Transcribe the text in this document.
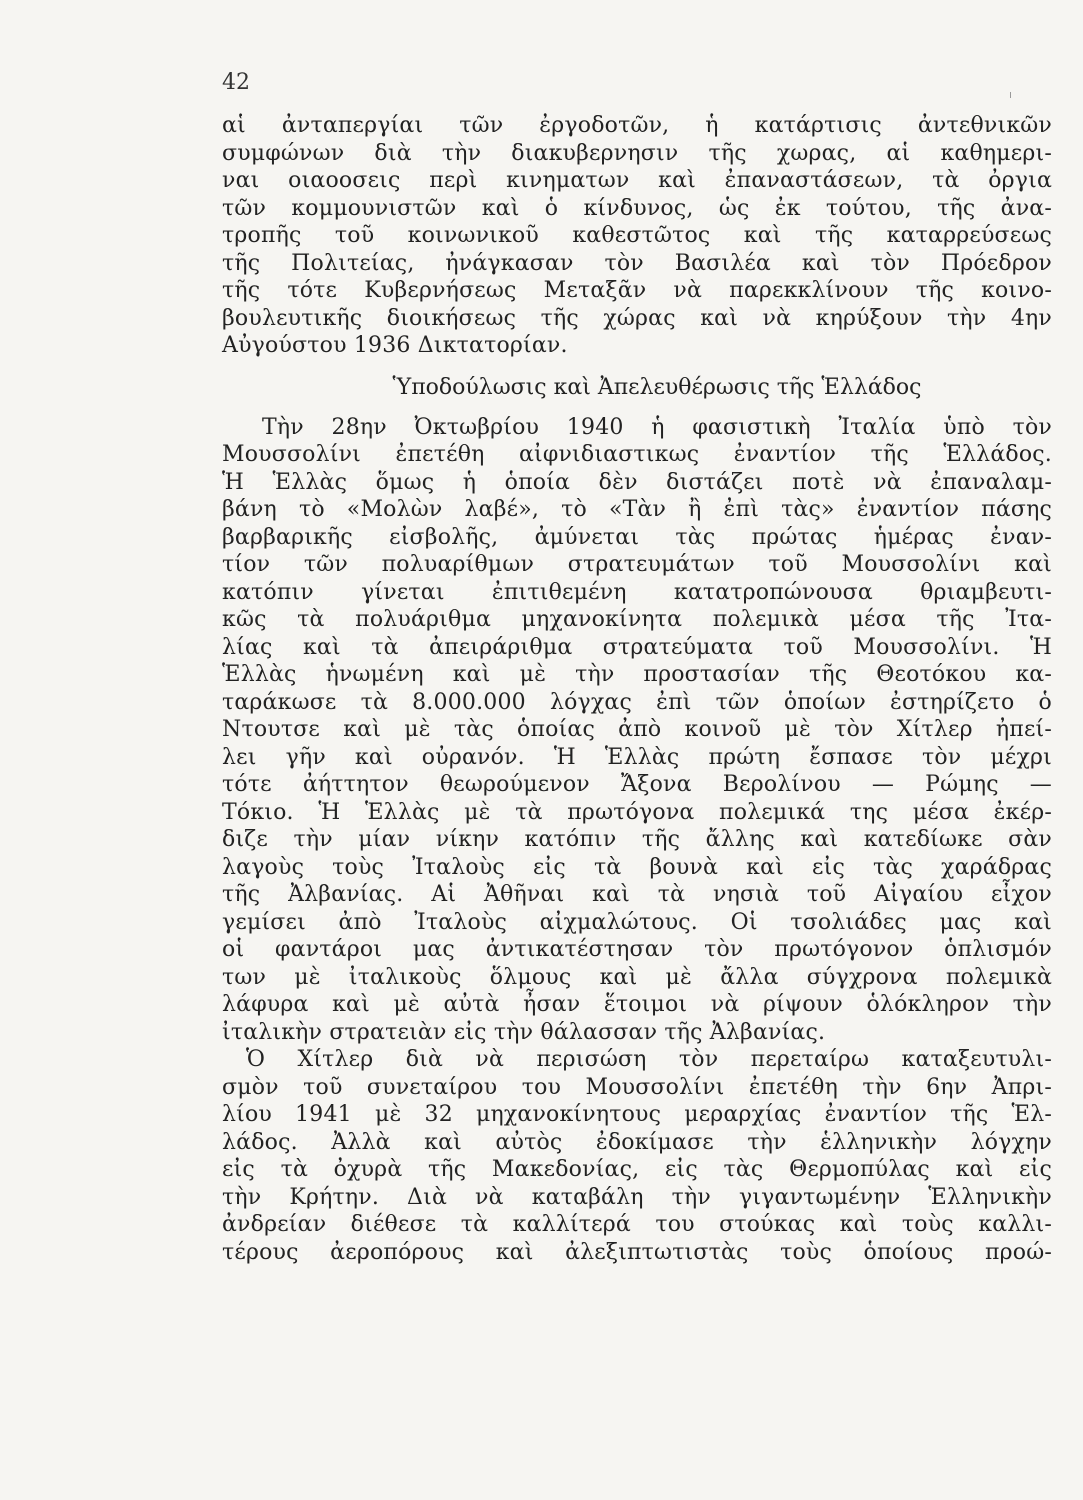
42
αἱ ἀνταπεργίαι τῶν ἐργοδοτῶν, ἡ κατάρτισις ἀντεθνικῶν
συμφώνων διὰ τὴν διακυβερνησιν τῆς χωρας, αἱ καθημερι-
ναι οιαοοσεις περὶ κινηματων καὶ ἐπαναστάσεων, τὰ ὀργια
τῶν κομμουνιστῶν καὶ ὁ κίνδυνος, ὡς ἐκ τούτου, τῆς ἀνα-
τροπῆς τοῦ κοινωνικοῦ καθεστῶτος καὶ τῆς καταρρεύσεως
τῆς Πολιτείας, ἠνάγκασαν τὸν Βασιλέα καὶ τὸν Πρόεδρον
τῆς τότε Κυβερνήσεως Μεταξᾶν νὰ παρεκκλίνουν τῆς κοινο-
βουλευτικῆς διοικήσεως τῆς χώρας καὶ νὰ κηρύξουν τὴν 4ην
Αὐγούστου 1936 Δικτατορίαν.
Ὑποδούλωσις καὶ Ἀπελευθέρωσις τῆς Ἑλλάδος
Τὴν 28ην Ὀκτωβρίου 1940 ἡ φασιστικὴ Ἰταλία ὑπὸ τὸν
Μουσσολίνι ἐπετέθη αἰφνιδιαστικως ἐναντίον τῆς Ἑλλάδος.
Ἡ Ἑλλὰς ὅμως ἡ ὁποία δὲν διστάζει ποτὲ νὰ ἐπαναλαμ-
βάνη τὸ «Μολὼν λαβέ», τὸ «Τὰν ἢ ἐπὶ τὰς» ἐναντίον πάσης
βαρβαρικῆς εἰσβολῆς, ἀμύνεται τὰς πρώτας ἡμέρας ἐναν-
τίον τῶν πολυαρίθμων στρατευμάτων τοῦ Μουσσολίνι καὶ
κατόπιν γίνεται ἐπιτιθεμένη κατατροπώνουσα θριαμβευτι-
κῶς τὰ πολυάριθμα μηχανοκίνητα πολεμικὰ μέσα τῆς Ἰτα-
λίας καὶ τὰ ἀπειράριθμα στρατεύματα τοῦ Μουσσολίνι. Ἡ
Ἑλλὰς ἡνωμένη καὶ μὲ τὴν προστασίαν τῆς Θεοτόκου κα-
ταράκωσε τὰ 8.000.000 λόγχας ἐπὶ τῶν ὁποίων ἐστηρίζετο ὁ
Ντουτσε καὶ μὲ τὰς ὁποίας ἀπὸ κοινοῦ μὲ τὸν Χίτλερ ἠπεί-
λει γῆν καὶ οὐρανόν. Ἡ Ἑλλὰς πρώτη ἔσπασε τὸν μέχρι
τότε ἀήττητον θεωρούμενον Ἄξονα Βερολίνου — Ρώμης —
Τόκιο. Ἡ Ἑλλὰς μὲ τὰ πρωτόγονα πολεμικά της μέσα ἐκέρ-
διζε τὴν μίαν νίκην κατόπιν τῆς ἄλλης καὶ κατεδίωκε σὰν
λαγοὺς τοὺς Ἰταλοὺς εἰς τὰ βουνὰ καὶ εἰς τὰς χαράδρας
τῆς Ἀλβανίας. Αἱ Ἀθῆναι καὶ τὰ νησιὰ τοῦ Αἰγαίου εἶχον
γεμίσει ἀπὸ Ἰταλοὺς αἰχμαλώτους. Οἱ τσολιάδες μας καὶ
οἱ φαντάροι μας ἀντικατέστησαν τὸν πρωτόγονον ὁπλισμόν
των μὲ ἰταλικοὺς ὅλμους καὶ μὲ ἄλλα σύγχρονα πολεμικὰ
λάφυρα καὶ μὲ αὐτὰ ἦσαν ἕτοιμοι νὰ ρίψουν ὁλόκληρον τὴν
ἰταλικὴν στρατειὰν εἰς τὴν θάλασσαν τῆς Ἀλβανίας.
Ὁ Χίτλερ διὰ νὰ περισώση τὸν περεταίρω καταξευτυλι-
σμὸν τοῦ συνεταίρου του Μουσσολίνι ἐπετέθη τὴν 6ην Ἀπρι-
λίου 1941 μὲ 32 μηχανοκίνητους μεραρχίας ἐναντίον τῆς Ἑλ-
λάδος. Ἀλλὰ καὶ αὐτὸς ἐδοκίμασε τὴν ἑλληνικὴν λόγχην
εἰς τὰ ὀχυρὰ τῆς Μακεδονίας, εἰς τὰς Θερμοπύλας καὶ εἰς
τὴν Κρήτην. Διὰ νὰ καταβάλη τὴν γιγαντωμένην Ἑλληνικὴν
ἀνδρείαν διέθεσε τὰ καλλίτερά του στούκας καὶ τοὺς καλλι-
τέρους ἀεροπόρους καὶ ἀλεξιπτωτιστὰς τοὺς ὁποίους προώ-
